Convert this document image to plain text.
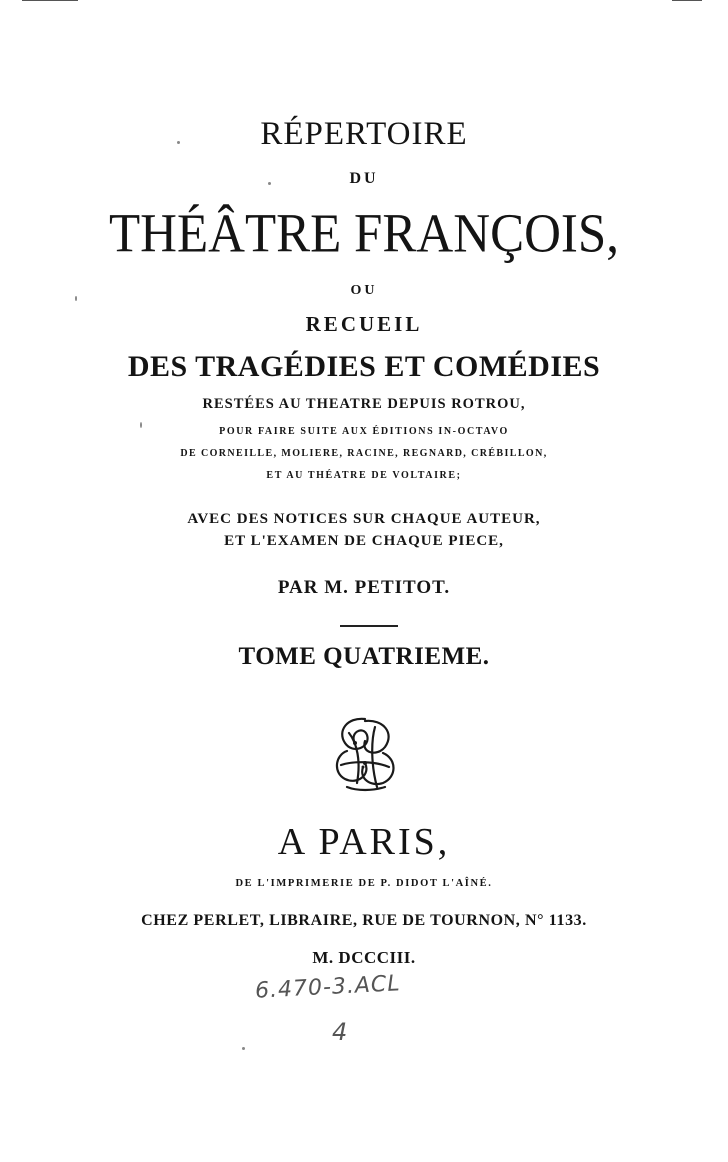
RÉPERTOIRE
DU
THÉÂTRE FRANÇOIS,
OU
RECUEIL
DES TRAGÉDIES ET COMÉDIES
RESTÉES AU THEATRE DEPUIS ROTROU,
POUR FAIRE SUITE AUX ÉDITIONS IN-OCTAVO
DE CORNEILLE, MOLIERE, RACINE, REGNARD, CRÉBILLON,
ET AU THÉATRE DE VOLTAIRE;
AVEC DES NOTICES SUR CHAQUE AUTEUR,
ET L'EXAMEN DE CHAQUE PIECE,
PAR M. PETITOT.
TOME QUATRIEME.
A PARIS,
DE L'IMPRIMERIE DE P. DIDOT L'AÎNÉ.
CHEZ PERLET, LIBRAIRE, RUE DE TOURNON, N° 1133.
M. DCCCIII.
6.470-3.ACL
4
